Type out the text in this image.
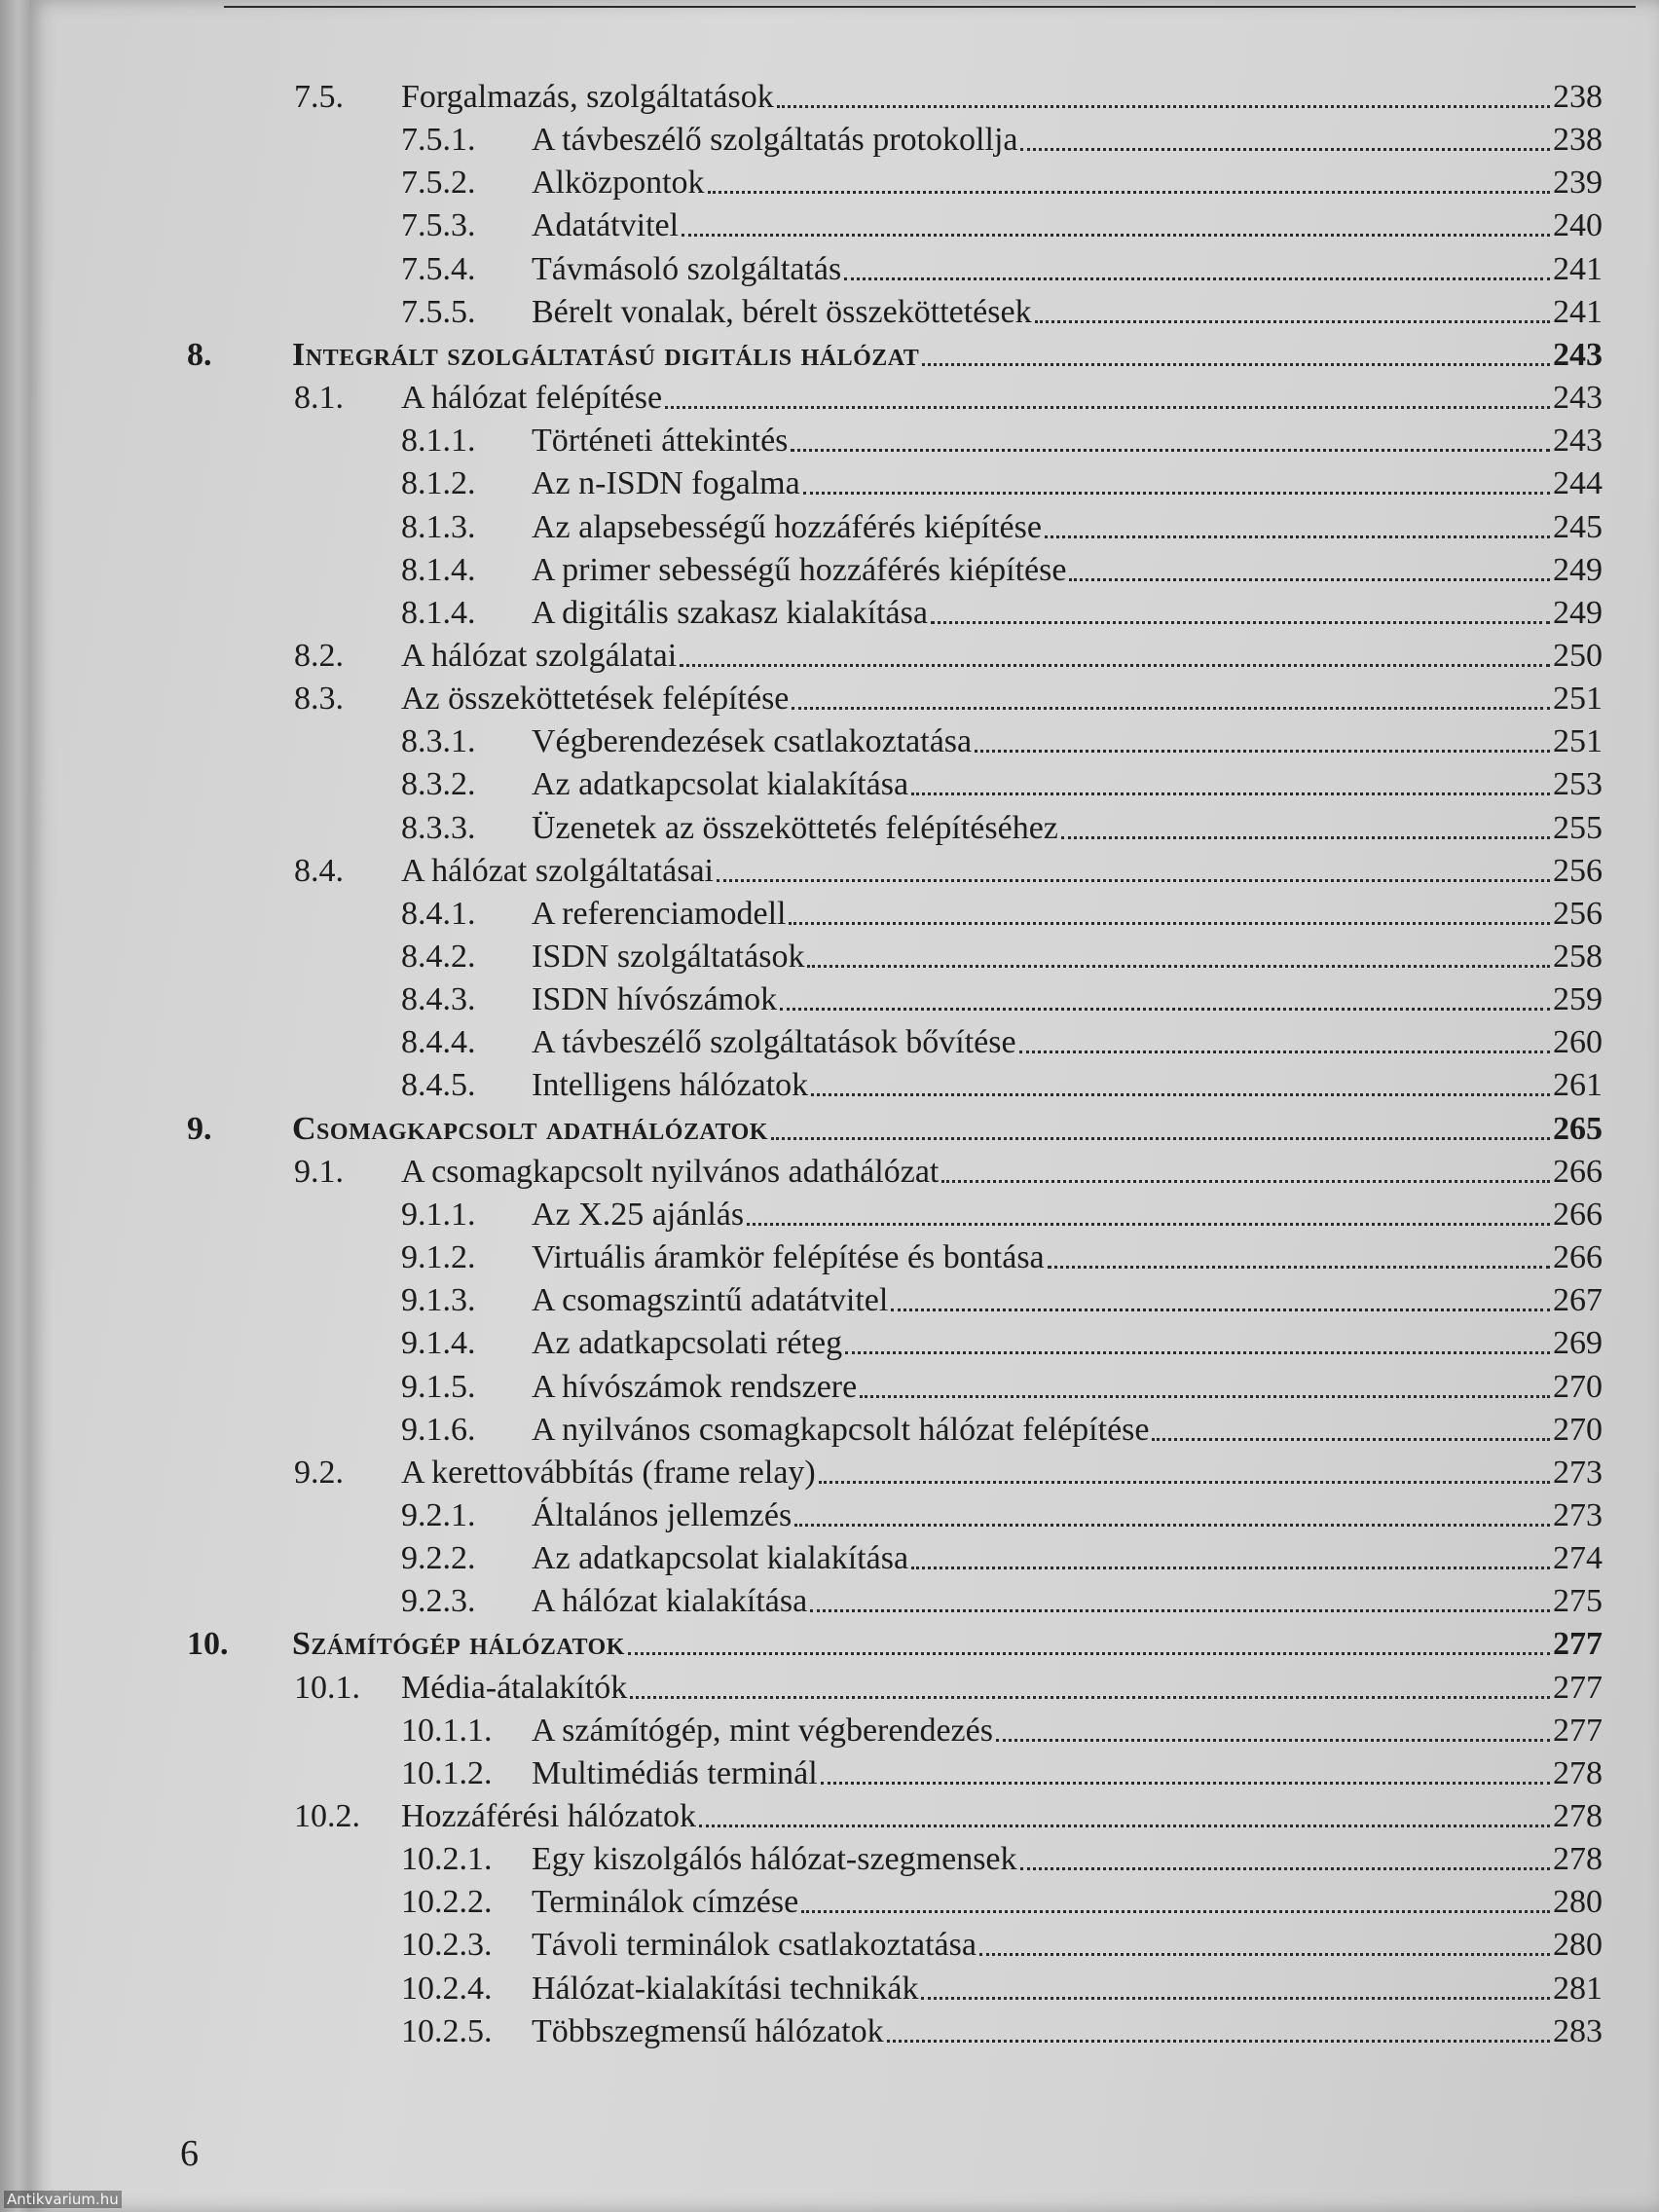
7.5. Forgalmazás, szolgáltatások	238
7.5.1. A távbeszélő szolgáltatás protokollja	238
7.5.2. Alközpontok	239
7.5.3. Adatátvitel	240
7.5.4. Távmásoló szolgáltatás	241
7.5.5. Bérelt vonalak, bérelt összeköttetések	241
8. Integrált szolgáltatású digitális hálózat	243
8.1. A hálózat felépítése	243
8.1.1. Történeti áttekintés	243
8.1.2. Az n-ISDN fogalma	244
8.1.3. Az alapsebességű hozzáférés kiépítése	245
8.1.4. A primer sebességű hozzáférés kiépítése	249
8.1.4. A digitális szakasz kialakítása	249
8.2. A hálózat szolgálatai	250
8.3. Az összeköttetések felépítése	251
8.3.1. Végberendezések csatlakoztatása	251
8.3.2. Az adatkapcsolat kialakítása	253
8.3.3. Üzenetek az összeköttetés felépítéséhez	255
8.4. A hálózat szolgáltatásai	256
8.4.1. A referenciamodell	256
8.4.2. ISDN szolgáltatások	258
8.4.3. ISDN hívószámok	259
8.4.4. A távbeszélő szolgáltatások bővítése	260
8.4.5. Intelligens hálózatok	261
9. Csomagkapcsolt adathálózatok	265
9.1. A csomagkapcsolt nyilvános adathálózat	266
9.1.1. Az X.25 ajánlás	266
9.1.2. Virtuális áramkör felépítése és bontása	266
9.1.3. A csomagszintű adatátvitel	267
9.1.4. Az adatkapcsolati réteg	269
9.1.5. A hívószámok rendszere	270
9.1.6. A nyilvános csomagkapcsolt hálózat felépítése	270
9.2. A kerettovábbítás (frame relay)	273
9.2.1. Általános jellemzés	273
9.2.2. Az adatkapcsolat kialakítása	274
9.2.3. A hálózat kialakítása	275
10. Számítógép hálózatok	277
10.1. Média-átalakítók	277
10.1.1. A számítógép, mint végberendezés	277
10.1.2. Multimédiás terminál	278
10.2. Hozzáférési hálózatok	278
10.2.1. Egy kiszolgálós hálózat-szegmensek	278
10.2.2. Terminálok címzése	280
10.2.3. Távoli terminálok csatlakoztatása	280
10.2.4. Hálózat-kialakítási technikák	281
10.2.5. Többszegmensű hálózatok	283
6
Antikvarium.hu
